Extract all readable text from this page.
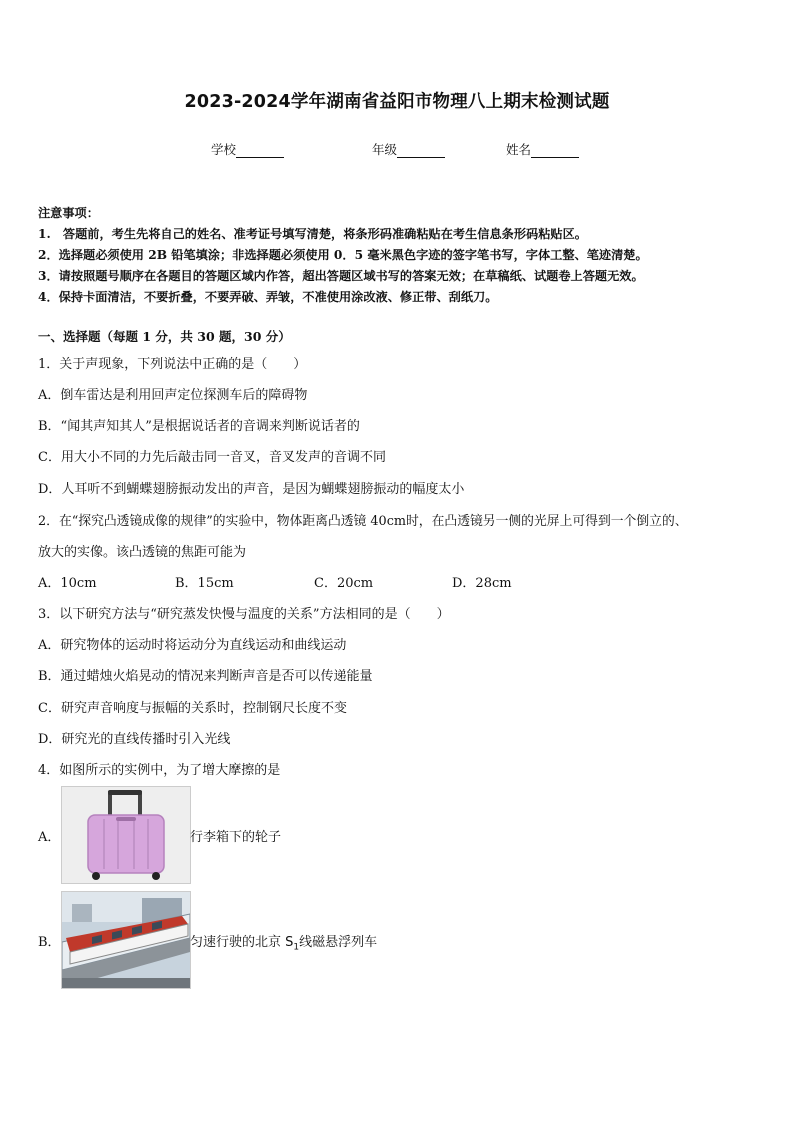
2023-2024学年湖南省益阳市物理八上期末检测试题
学校	年级	姓名
注意事项：
1.　答题前，考生先将自己的姓名、准考证号填写清楚，将条形码准确粘贴在考生信息条形码粘贴区。
2．选择题必须使用 2B 铅笔填涂；非选择题必须使用 0．5 毫米黑色字迹的签字笔书写，字体工整、笔迹清楚。
3．请按照题号顺序在各题目的答题区域内作答，超出答题区域书写的答案无效；在草稿纸、试题卷上答题无效。
4．保持卡面清洁，不要折叠，不要弄破、弄皱，不准使用涂改液、修正带、刮纸刀。
一、选择题（每题 1 分，共 30 题，30 分）
1．关于声现象，下列说法中正确的是（　　）
A．倒车雷达是利用回声定位探测车后的障碍物
B．“闻其声知其人”是根据说话者的音调来判断说话者的
C．用大小不同的力先后敲击同一音叉，音叉发声的音调不同
D．人耳听不到蝴蝶翅膀振动发出的声音，是因为蝴蝶翅膀振动的幅度太小
2．在“探究凸透镜成像的规律”的实验中，物体距离凸透镜 40cm时，在凸透镜另一侧的光屏上可得到一个倒立的、
放大的实像。该凸透镜的焦距可能为
A．10cm	B．15cm	C．20cm	D．28cm
3．以下研究方法与“研究蒸发快慢与温度的关系”方法相同的是（　　）
A．研究物体的运动时将运动分为直线运动和曲线运动
B．通过蜡烛火焰晃动的情况来判断声音是否可以传递能量
C．研究声音响度与振幅的关系时，控制钢尺长度不变
D．研究光的直线传播时引入光线
4．如图所示的实例中，为了增大摩擦的是
A．	行李箱下的轮子
B．	匀速行驶的北京 $S_1$线磁悬浮列车
